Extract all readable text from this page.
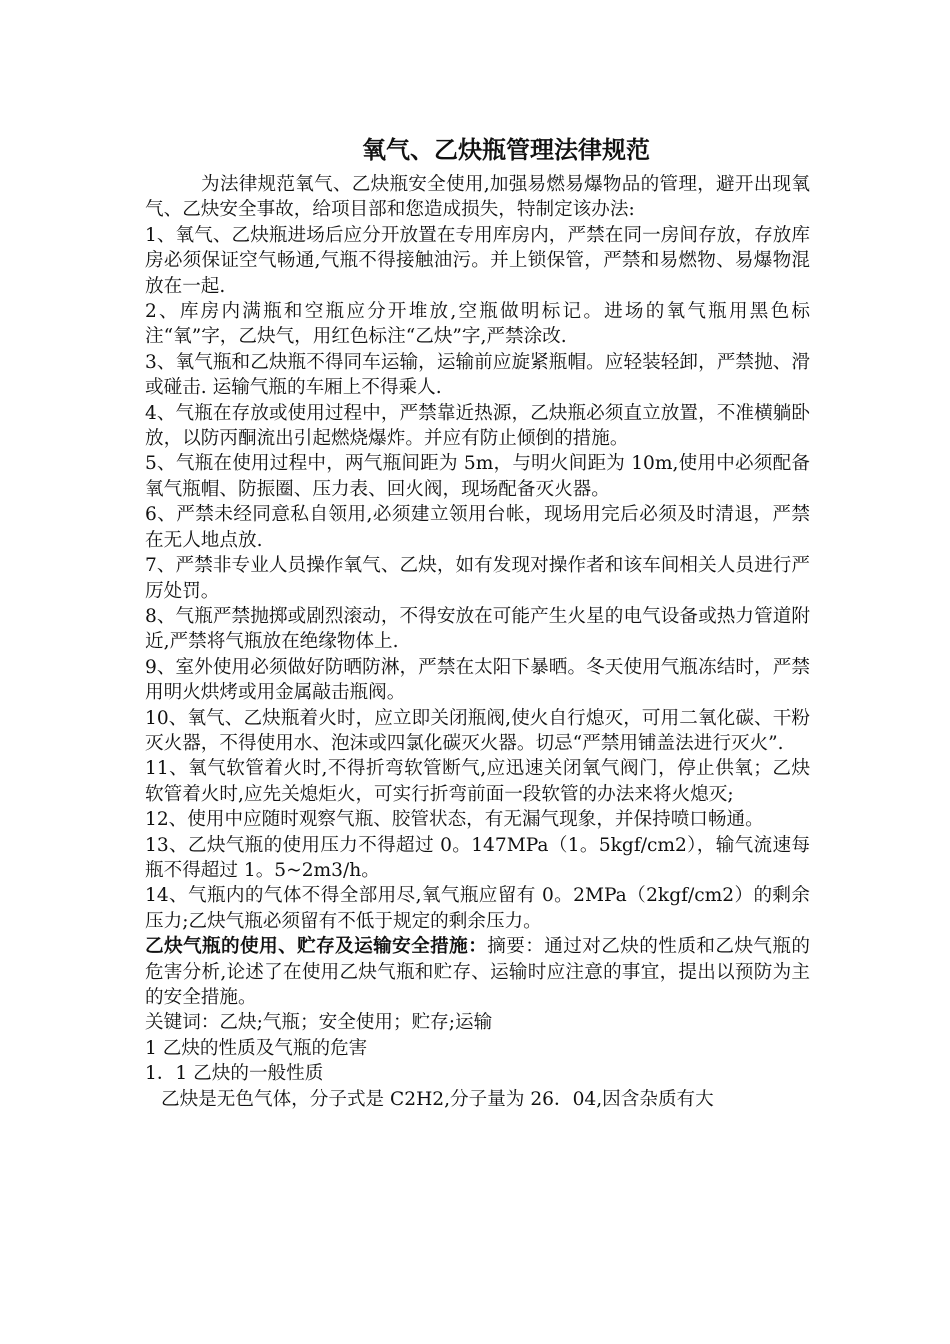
氧气、乙炔瓶管理法律规范

为法律规范氧气、乙炔瓶安全使用,加强易燃易爆物品的管理，避开出现氧气、乙炔安全事故，给项目部和您造成损失，特制定该办法:

1、氧气、乙炔瓶进场后应分开放置在专用库房内，严禁在同一房间存放，存放库房必须保证空气畅通,气瓶不得接触油污。并上锁保管，严禁和易燃物、易爆物混放在一起.

2、库房内满瓶和空瓶应分开堆放,空瓶做明标记。进场的氧气瓶用黑色标注“氧”字，乙炔气，用红色标注“乙炔”字,严禁涂改.

3、氧气瓶和乙炔瓶不得同车运输，运输前应旋紧瓶帽。应轻装轻卸，严禁抛、滑或碰击. 运输气瓶的车厢上不得乘人.

4、气瓶在存放或使用过程中，严禁靠近热源，乙炔瓶必须直立放置，不准横躺卧放，以防丙酮流出引起燃烧爆炸。并应有防止倾倒的措施。

5、气瓶在使用过程中，两气瓶间距为 5m，与明火间距为 10m,使用中必须配备氧气瓶帽、防振圈、压力表、回火阀，现场配备灭火器。

6、严禁未经同意私自领用,必须建立领用台帐，现场用完后必须及时清退，严禁在无人地点放.

7、严禁非专业人员操作氧气、乙炔，如有发现对操作者和该车间相关人员进行严厉处罚。

8、气瓶严禁抛掷或剧烈滚动，不得安放在可能产生火星的电气设备或热力管道附近,严禁将气瓶放在绝缘物体上.

9、室外使用必须做好防晒防淋，严禁在太阳下暴晒。冬天使用气瓶冻结时，严禁用明火烘烤或用金属敲击瓶阀。

10、氧气、乙炔瓶着火时，应立即关闭瓶阀,使火自行熄灭，可用二氧化碳、干粉灭火器，不得使用水、泡沫或四氯化碳灭火器。切忌“严禁用铺盖法进行灭火”.

11、氧气软管着火时,不得折弯软管断气,应迅速关闭氧气阀门，停止供氧；乙炔软管着火时,应先关熄炬火，可实行折弯前面一段软管的办法来将火熄灭;

12、使用中应随时观察气瓶、胶管状态，有无漏气现象，并保持喷口畅通。

13、乙炔气瓶的使用压力不得超过 0。147MPa（1。5kgf/cm2），输气流速每瓶不得超过 1。5~2m3/h。

14、气瓶内的气体不得全部用尽,氧气瓶应留有 0。2MPa（2kgf/cm2）的剩余压力;乙炔气瓶必须留有不低于规定的剩余压力。

乙炔气瓶的使用、贮存及运输安全措施：摘要：通过对乙炔的性质和乙炔气瓶的危害分析,论述了在使用乙炔气瓶和贮存、运输时应注意的事宜，提出以预防为主的安全措施。

关键词：乙炔;气瓶；安全使用；贮存;运输

1 乙炔的性质及气瓶的危害

1．1 乙炔的一般性质

乙炔是无色气体，分子式是 C2H2,分子量为 26．04,因含杂质有大
